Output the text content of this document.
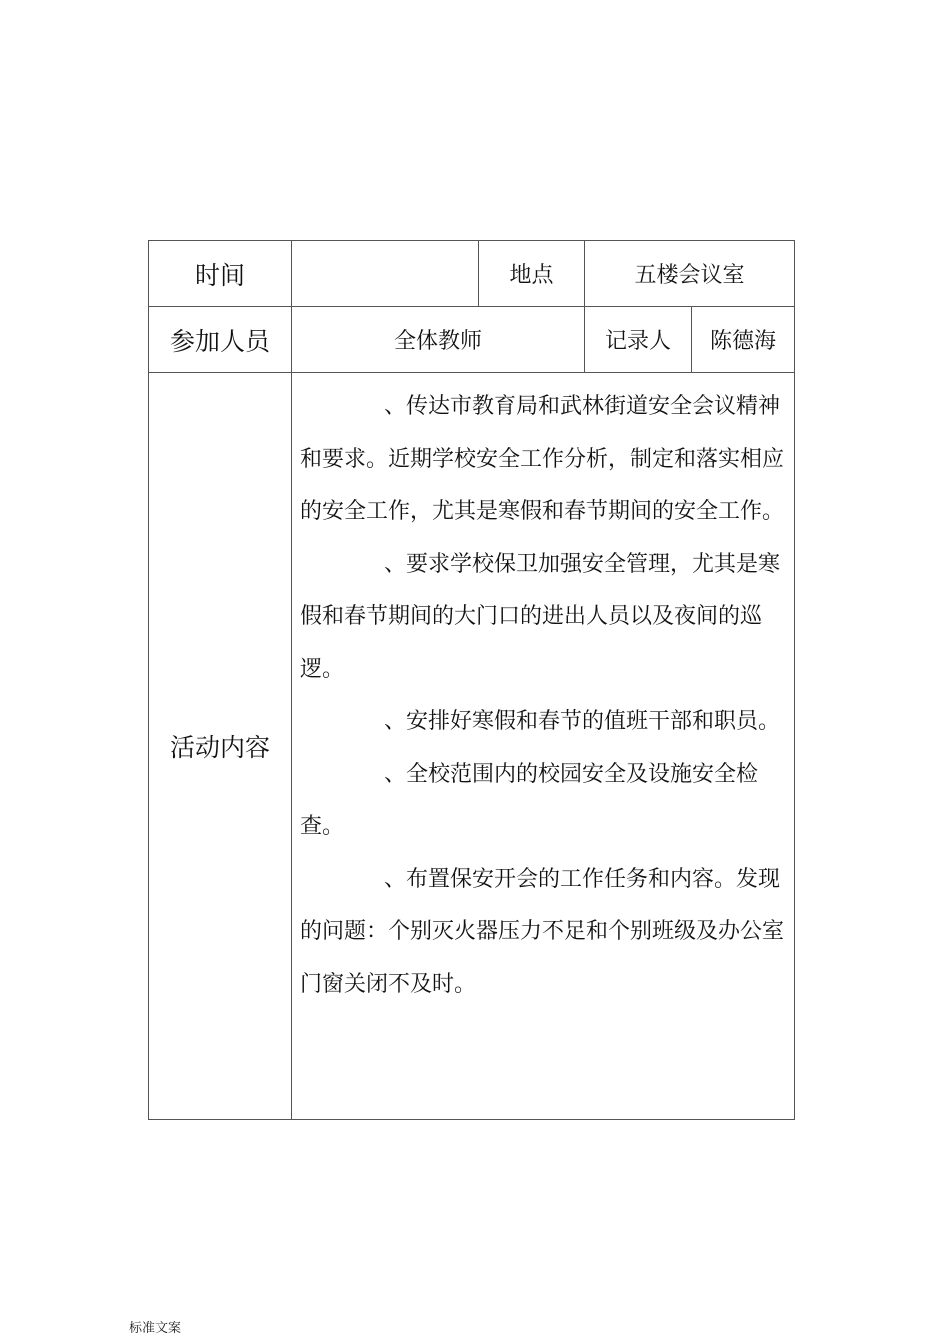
时间		地点	五楼会议室	
参加人员	全体教师		记录人	陈德海
活动内容	、传达市教育局和武林街道安全会议精神和要求。近期学校安全工作分析，制定和落实相应的安全工作，尤其是寒假和春节期间的安全工作。

、要求学校保卫加强安全管理，尤其是寒假和春节期间的大门口的进出人员以及夜间的巡逻。

、安排好寒假和春节的值班干部和职员。

、全校范围内的校园安全及设施安全检查。

、布置保安开会的工作任务和内容。发现的问题：个别灭火器压力不足和个别班级及办公室门窗关闭不及时。			

标准文案
